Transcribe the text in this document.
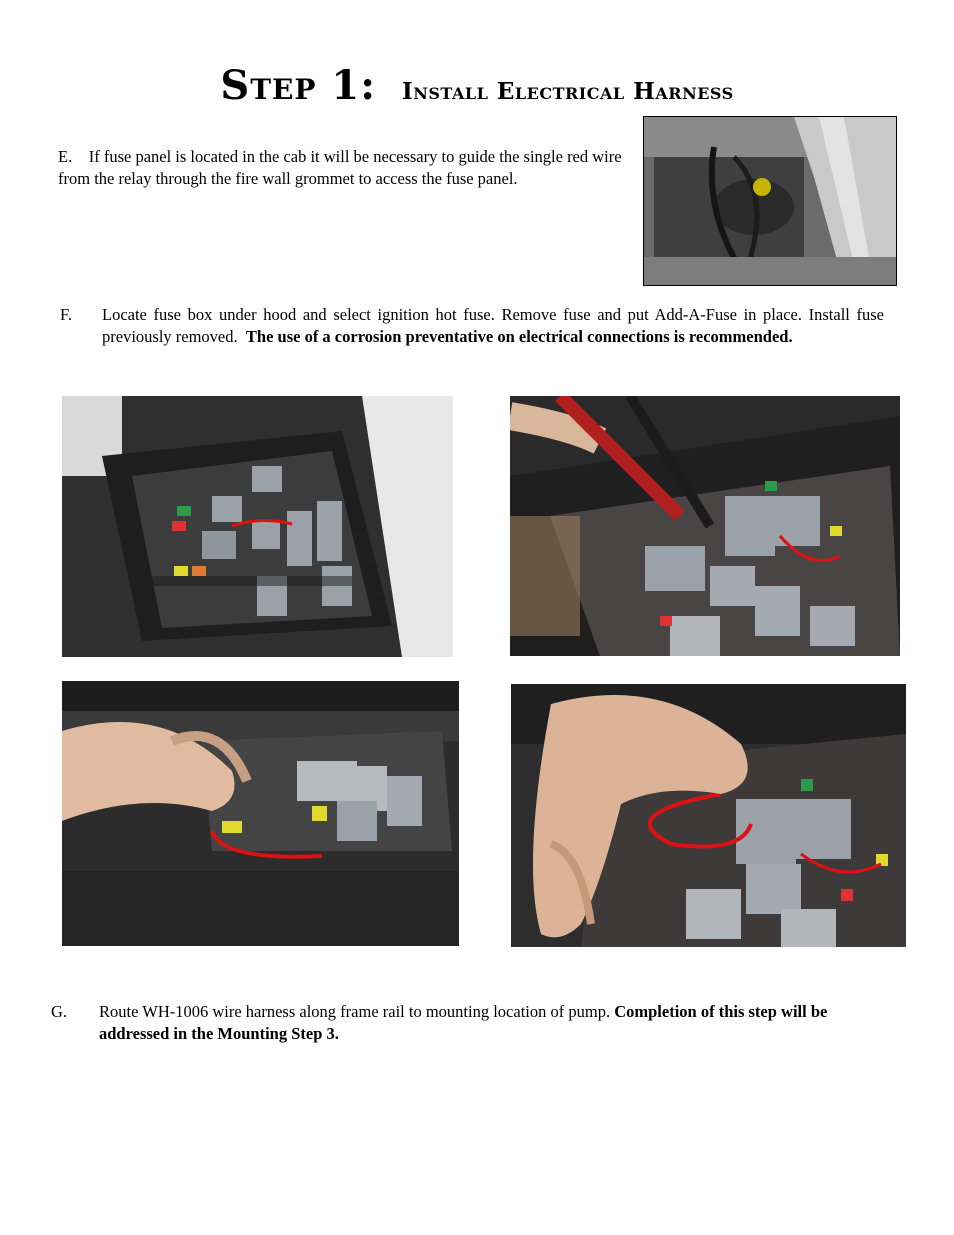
Step 1: Install Electrical Harness
E. If fuse panel is located in the cab it will be necessary to guide the single red wire from the relay through the fire wall grommet to access the fuse panel.
F. Locate fuse box under hood and select ignition hot fuse. Remove fuse and put Add-A-Fuse in place. Install fuse previously removed. The use of a corrosion preventative on electrical connections is recommended.
G. Route WH-1006 wire harness along frame rail to mounting location of pump. Completion of this step will be addressed in the Mounting Step 3.
